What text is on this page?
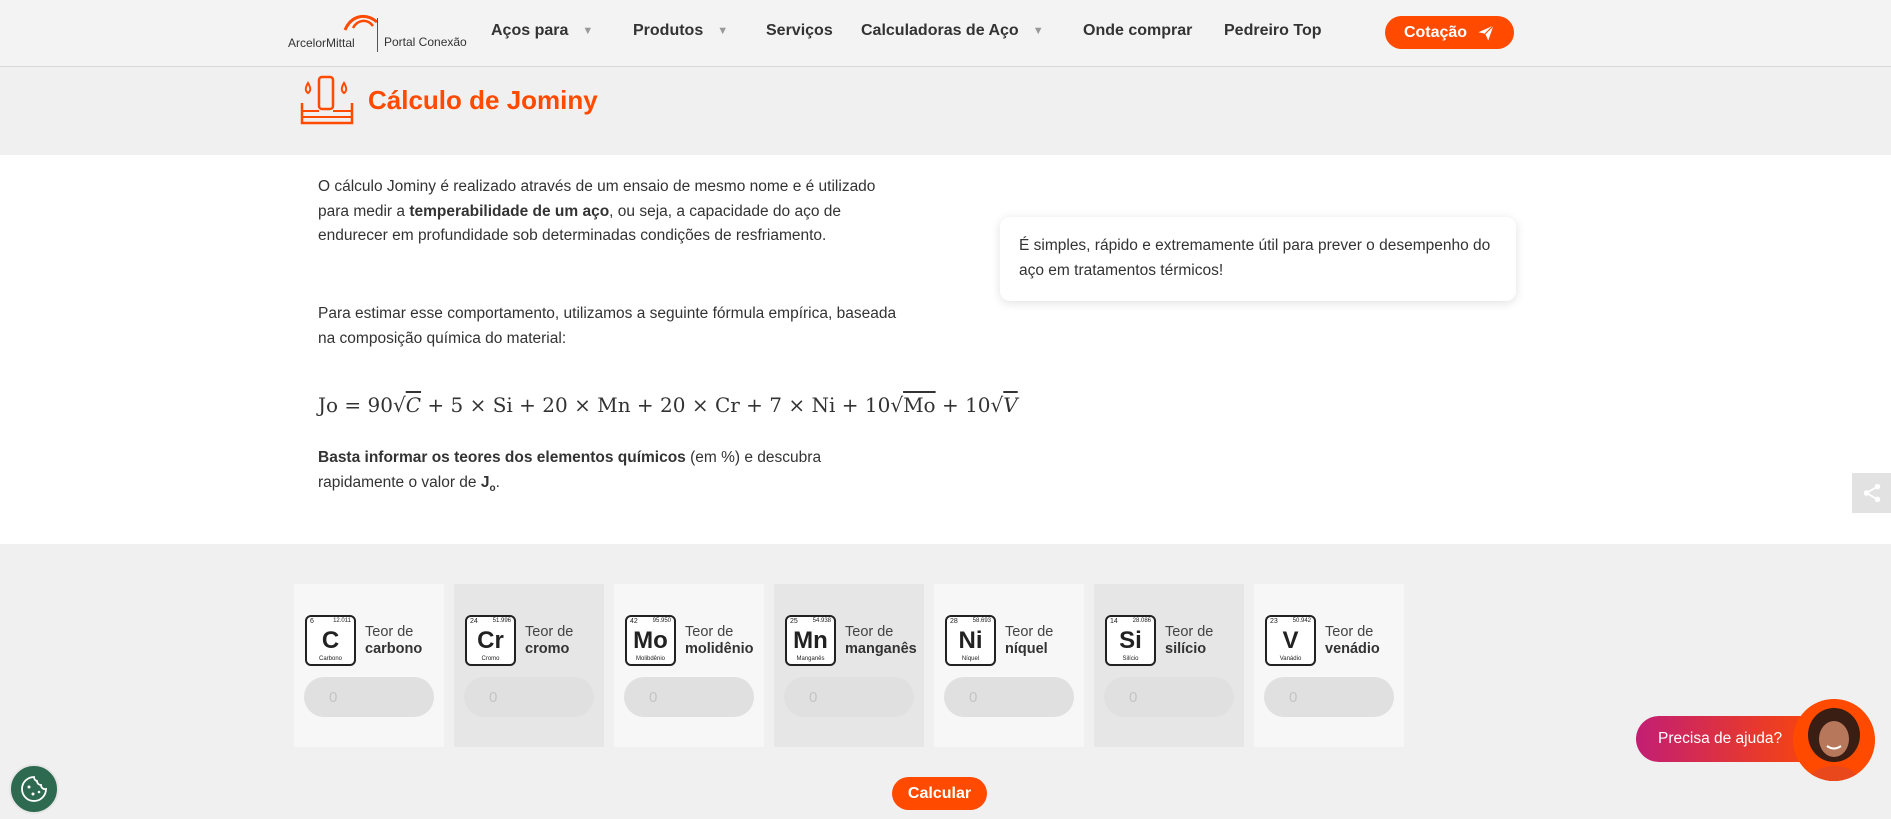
ArcelorMittal Portal Conexão
Aços para ▼ Produtos ▼ Serviços Calculadoras de Aço ▼ Onde comprar Pedreiro Top	Cotação
Cálculo de Jominy

O cálculo Jominy é realizado através de um ensaio de mesmo nome e é utilizado para medir a temperabilidade de um aço, ou seja, a capacidade do aço de endurecer em profundidade sob determinadas condições de resfriamento.

Para estimar esse comportamento, utilizamos a seguinte fórmula empírica, baseada na composição química do material:

Jo = 90√C + 5 × Si + 20 × Mn + 20 × Cr + 7 × Ni + 10√Mo + 10√V

Basta informar os teores dos elementos químicos (em %) e descubra rapidamente o valor de $J_o$.

É simples, rápido e extremamente útil para prever o desempenho do aço em tratamentos térmicos!

6	12.011
C
Carbono
Teor de
carbono
0
24 51.996
Cr
Cromo
Teor de
cromo
0
42 95.950
Mo
Molibdênio
Teor de
molidênio
0
25 54.938
Mn
Manganês
Teor de
manganês
0
28 58.693
Ni
Níquel
Teor de
níquel
0
14 28.086
Si
Silício
Teor de
silício
0
23 50.942
V
Vanádio
Teor de
venádio
0
Calcular
Precisa de ajuda?
